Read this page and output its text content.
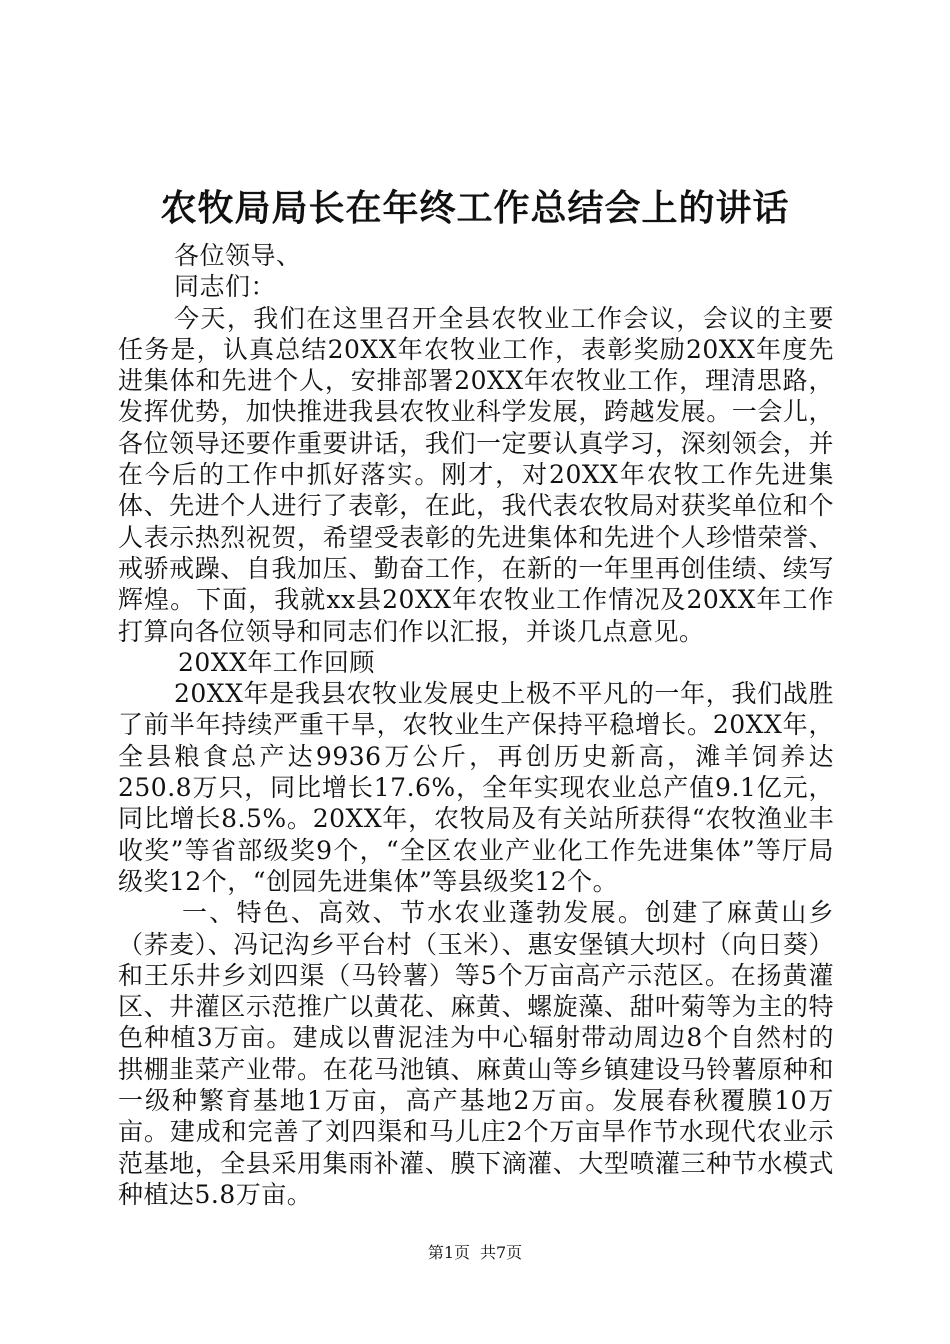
农牧局局长在年终工作总结会上的讲话

各位领导、

同志们：

今天，我们在这里召开全县农牧业工作会议，会议的主要任务是，认真总结20XX年农牧业工作，表彰奖励20XX年度先进集体和先进个人，安排部署20XX年农牧业工作，理清思路，发挥优势，加快推进我县农牧业科学发展，跨越发展。一会儿，各位领导还要作重要讲话，我们一定要认真学习，深刻领会，并在今后的工作中抓好落实。刚才，对20XX年农牧工作先进集体、先进个人进行了表彰，在此，我代表农牧局对获奖单位和个人表示热烈祝贺，希望受表彰的先进集体和先进个人珍惜荣誉、戒骄戒躁、自我加压、勤奋工作，在新的一年里再创佳绩、续写辉煌。下面，我就xx县20XX年农牧业工作情况及20XX年工作打算向各位领导和同志们作以汇报，并谈几点意见。

20XX年工作回顾

20XX年是我县农牧业发展史上极不平凡的一年，我们战胜了前半年持续严重干旱，农牧业生产保持平稳增长。20XX年，全县粮食总产达9936万公斤，再创历史新高，滩羊饲养达250.8万只，同比增长17.6%，全年实现农业总产值9.1亿元，同比增长8.5%。20XX年，农牧局及有关站所获得“农牧渔业丰收奖”等省部级奖9个，“全区农业产业化工作先进集体”等厅局级奖12个，“创园先进集体”等县级奖12个。

一、特色、高效、节水农业蓬勃发展。创建了麻黄山乡（荞麦）、冯记沟乡平台村（玉米）、惠安堡镇大坝村（向日葵）和王乐井乡刘四渠（马铃薯）等5个万亩高产示范区。在扬黄灌区、井灌区示范推广以黄花、麻黄、螺旋藻、甜叶菊等为主的特色种植3万亩。建成以曹泥洼为中心辐射带动周边8个自然村的拱棚韭菜产业带。在花马池镇、麻黄山等乡镇建设马铃薯原种和一级种繁育基地1万亩，高产基地2万亩。发展春秋覆膜10万亩。建成和完善了刘四渠和马儿庄2个万亩旱作节水现代农业示范基地，全县采用集雨补灌、膜下滴灌、大型喷灌三种节水模式种植达5.8万亩。

第1页 共7页
